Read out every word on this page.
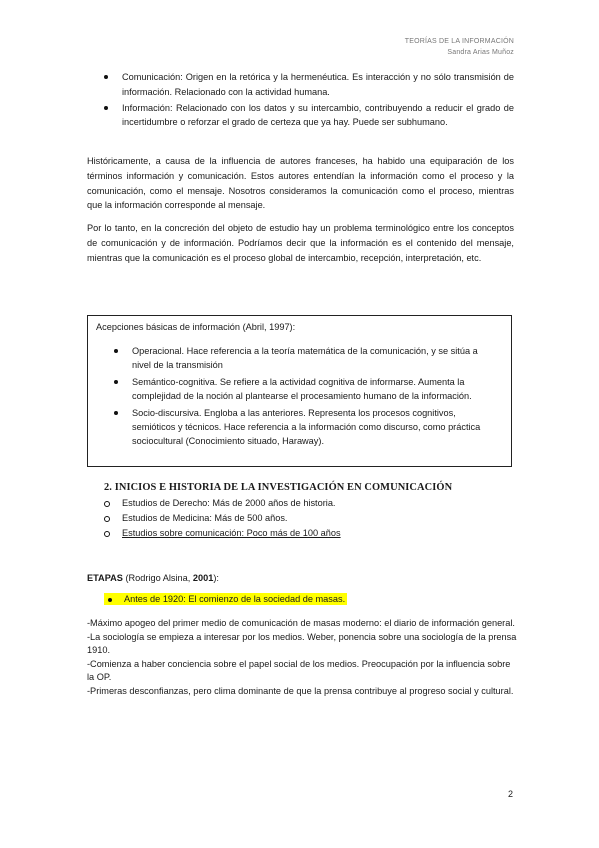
TEORÍAS DE LA INFORMACIÓN
Sandra Arias Muñoz
Comunicación: Origen en la retórica y la hermenéutica. Es interacción y no sólo transmisión de información. Relacionado con la actividad humana.
Información: Relacionado con los datos y su intercambio, contribuyendo a reducir el grado de incertidumbre o reforzar el grado de certeza que ya hay. Puede ser subhumano.
Históricamente, a causa de la influencia de autores franceses, ha habido una equiparación de los términos información y comunicación. Estos autores entendían la información como el proceso y la comunicación, como el mensaje. Nosotros consideramos la comunicación como el proceso, mientras que la información corresponde al mensaje.
Por lo tanto, en la concreción del objeto de estudio hay un problema terminológico entre los conceptos de comunicación y de información. Podríamos decir que la información es el contenido del mensaje, mientras que la comunicación es el proceso global de intercambio, recepción, interpretación, etc.
Acepciones básicas de información (Abril, 1997):
Operacional. Hace referencia a la teoría matemática de la comunicación, y se sitúa a nivel de la transmisión
Semántico-cognitiva. Se refiere a la actividad cognitiva de informarse. Aumenta la complejidad de la noción al plantearse el procesamiento humano de la información.
Socio-discursiva. Engloba a las anteriores. Representa los procesos cognitivos, semióticos y técnicos. Hace referencia a la información como discurso, como práctica sociocultural (Conocimiento situado, Haraway).
2. INICIOS E HISTORIA DE LA INVESTIGACIÓN EN COMUNICACIÓN
Estudios de Derecho: Más de 2000 años de historia.
Estudios de Medicina: Más de 500 años.
Estudios sobre comunicación: Poco más de 100 años
ETAPAS (Rodrigo Alsina, 2001):
Antes de 1920: El comienzo de la sociedad de masas.
-Máximo apogeo del primer medio de comunicación de masas moderno: el diario de información general.
-La sociología se empieza a interesar por los medios. Weber, ponencia sobre una sociología de la prensa 1910.
-Comienza a haber conciencia sobre el papel social de los medios. Preocupación por la influencia sobre la OP.
-Primeras desconfianzas, pero clima dominante de que la prensa contribuye al progreso social y cultural.
2
